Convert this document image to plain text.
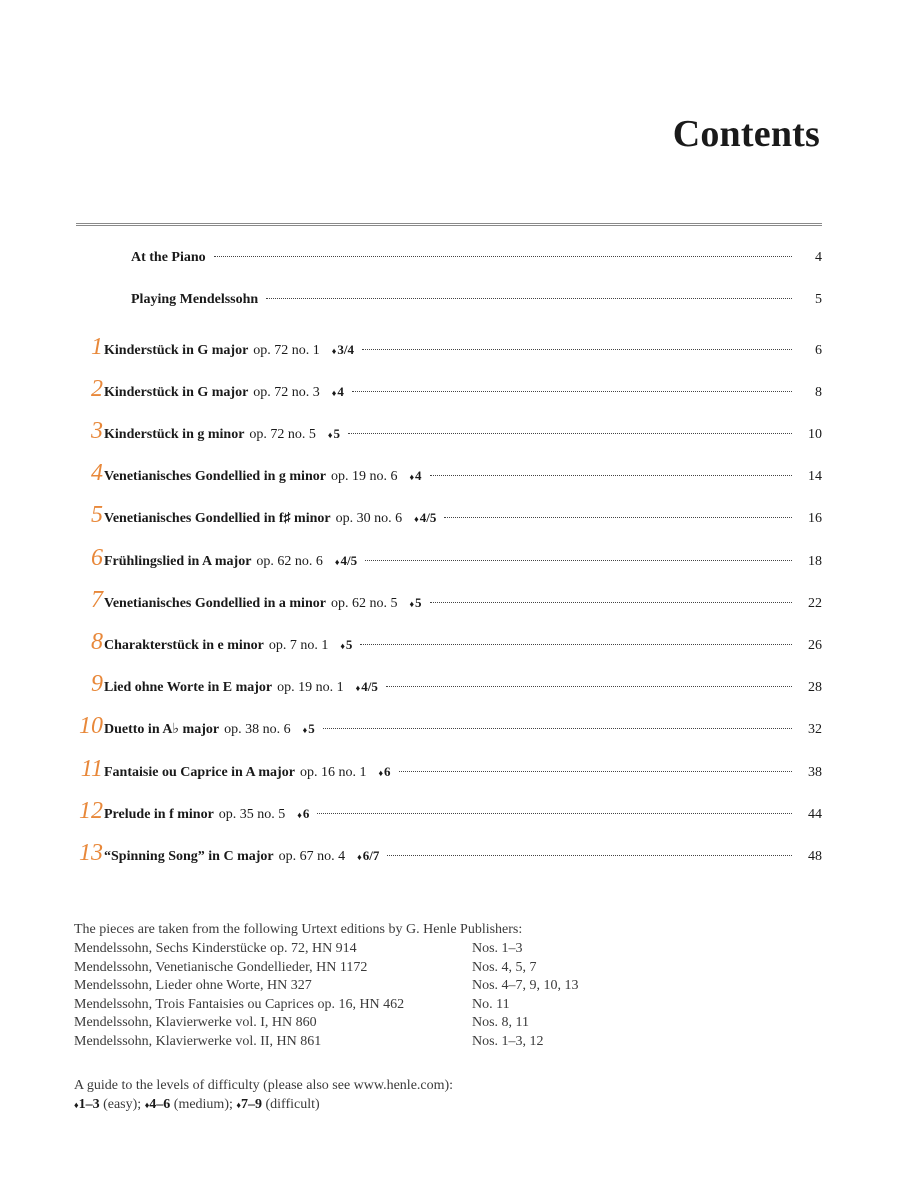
Contents
At the Piano	4
Playing Mendelssohn	5
1 Kinderstück in G major op. 72 no. 1 ♦3/4	6
2 Kinderstück in G major op. 72 no. 3 ♦4	8
3 Kinderstück in g minor op. 72 no. 5 ♦5	10
4 Venetianisches Gondellied in g minor op. 19 no. 6 ♦4	14
5 Venetianisches Gondellied in f♯ minor op. 30 no. 6 ♦4/5	16
6 Frühlingslied in A major op. 62 no. 6 ♦4/5	18
7 Venetianisches Gondellied in a minor op. 62 no. 5 ♦5	22
8 Charakterstück in e minor op. 7 no. 1 ♦5	26
9 Lied ohne Worte in E major op. 19 no. 1 ♦4/5	28
10 Duetto in A♭ major op. 38 no. 6 ♦5	32
11 Fantaisie ou Caprice in A major op. 16 no. 1 ♦6	38
12 Prelude in f minor op. 35 no. 5 ♦6	44
13 “Spinning Song” in C major op. 67 no. 4 ♦6/7	48

The pieces are taken from the following Urtext editions by G. Henle Publishers:

Mendelssohn, Sechs Kinderstücke op. 72, HN 914	Nos. 1–3
Mendelssohn, Venetianische Gondellieder, HN 1172	Nos. 4, 5, 7
Mendelssohn, Lieder ohne Worte, HN 327	Nos. 4–7, 9, 10, 13
Mendelssohn, Trois Fantaisies ou Caprices op. 16, HN 462	No. 11
Mendelssohn, Klavierwerke vol. I, HN 860	Nos. 8, 11
Mendelssohn, Klavierwerke vol. II, HN 861	Nos. 1–3, 12

A guide to the levels of difficulty (please also see www.henle.com):

♦1–3 (easy); ♦4–6 (medium); ♦7–9 (difficult)
